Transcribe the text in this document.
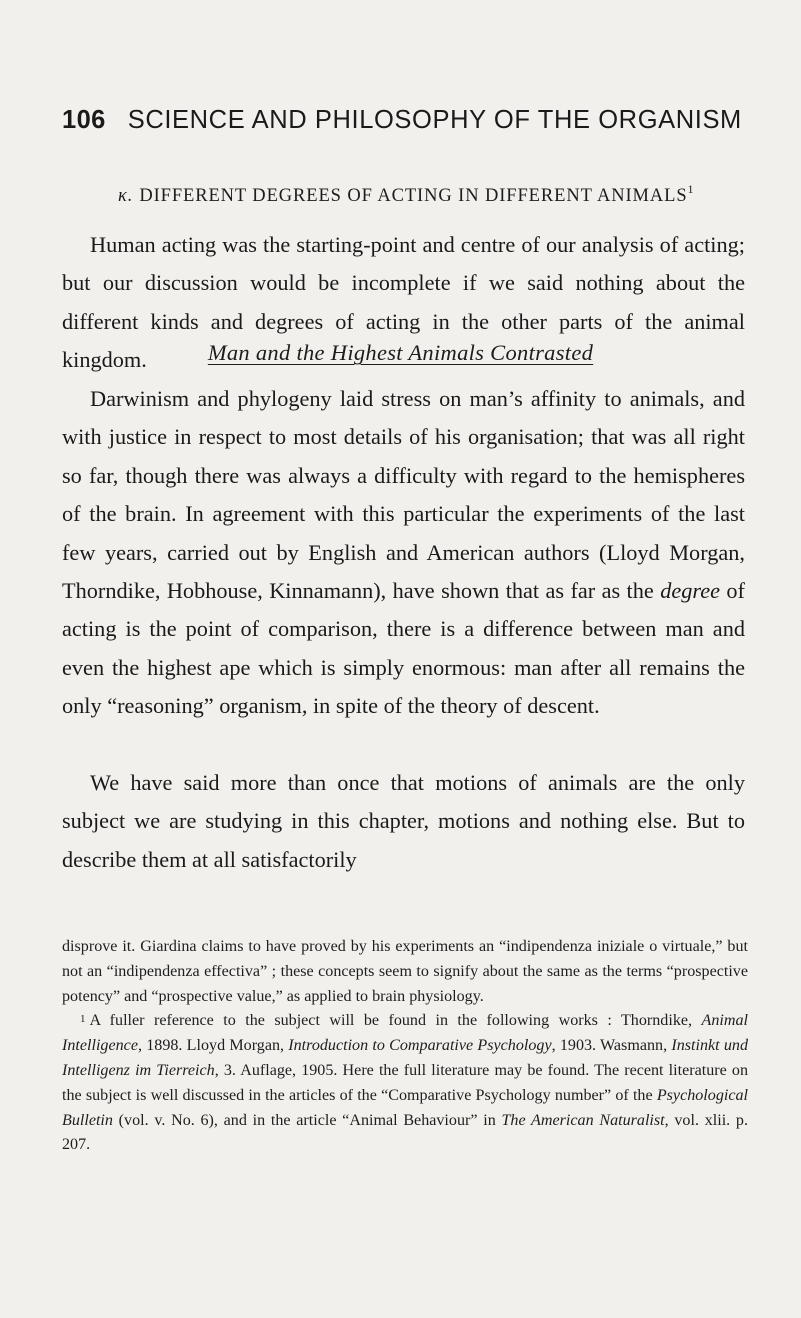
106 SCIENCE AND PHILOSOPHY OF THE ORGANISM
κ. DIFFERENT DEGREES OF ACTING IN DIFFERENT ANIMALS$^1$

Human acting was the starting-point and centre of our analysis of acting; but our discussion would be incomplete if we said nothing about the different kinds and degrees of acting in the other parts of the animal kingdom.	Man and the Highest Animals Contrasted

Darwinism and phylogeny laid stress on man’s affinity to animals, and with justice in respect to most details of his organisation; that was all right so far, though there was always a difficulty with regard to the hemispheres of the brain. In agreement with this particular the experiments of the last few years, carried out by English and American authors (Lloyd Morgan, Thorndike, Hobhouse, Kinnamann), have shown that as far as the degree of acting is the point of comparison, there is a difference between man and even the highest ape which is simply enormous: man after all remains the only “reasoning” organism, in spite of the theory of descent.

We have said more than once that motions of animals are the only subject we are studying in this chapter, motions and nothing else. But to describe them at all satisfactorily

disprove it. Giardina claims to have proved by his experiments an “indipendenza iniziale o virtuale,” but not an “indipendenza effectiva” ; these concepts seem to signify about the same as the terms “prospective potency” and “prospective value,” as applied to brain physiology.

$^1$ A fuller reference to the subject will be found in the following works : Thorndike, Animal Intelligence, 1898. Lloyd Morgan, Introduction to Comparative Psychology, 1903. Wasmann, Instinkt und Intelligenz im Tierreich, 3. Auflage, 1905. Here the full literature may be found. The recent literature on the subject is well discussed in the articles of the “Comparative Psychology number” of the Psychological Bulletin (vol. v. No. 6), and in the article “Animal Behaviour” in The American Naturalist, vol. xlii. p. 207.
